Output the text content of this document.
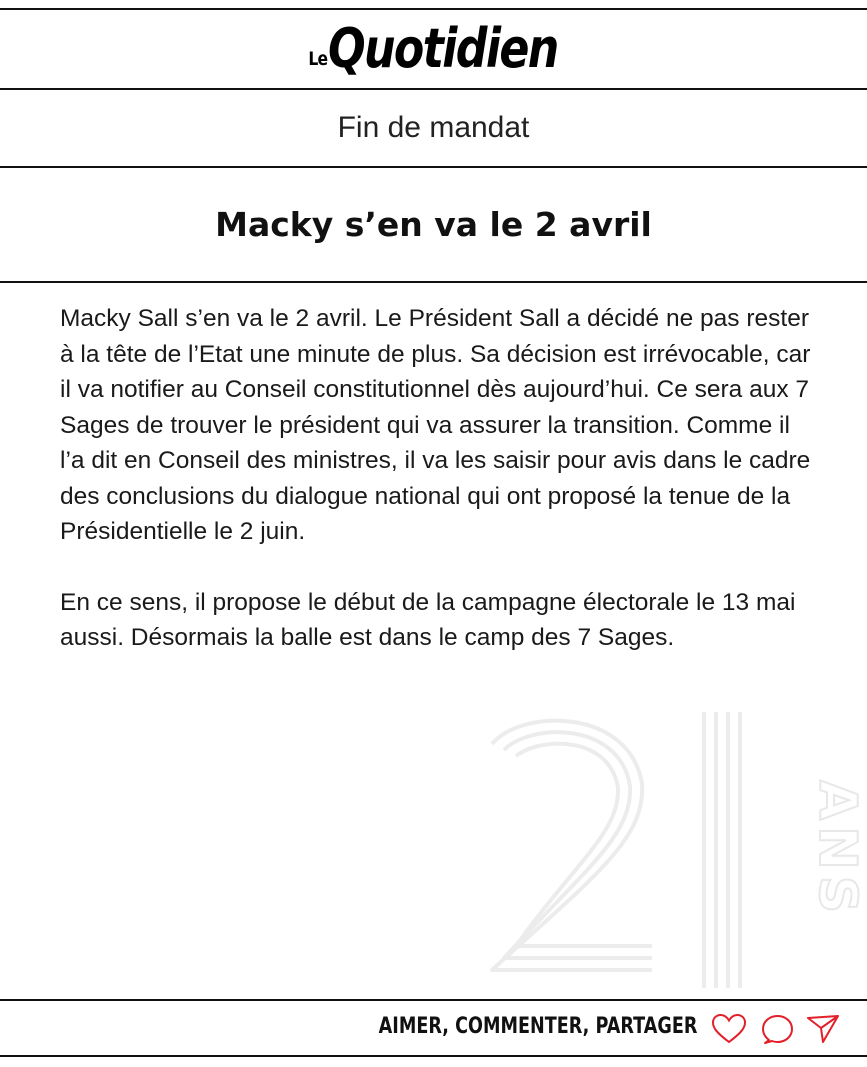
Le Quotidien
Fin de mandat
Macky s’en va le 2 avril

Macky Sall s’en va le 2 avril. Le Président Sall a décidé ne pas rester à la tête de l’Etat une minute de plus. Sa décision est irrévocable, car il va notifier au Conseil constitutionnel dès aujourd’hui. Ce sera aux 7 Sages de trouver le président qui va assurer la transition. Comme il l’a dit en Conseil des ministres, il va les saisir pour avis dans le cadre des conclusions du dialogue national qui ont proposé la tenue de la Présidentielle le 2 juin.

En ce sens, il propose le début de la campagne électorale le 13 mai aussi. Désormais la balle est dans le camp des 7 Sages.

ANS
AIMER, COMMENTER, PARTAGER
